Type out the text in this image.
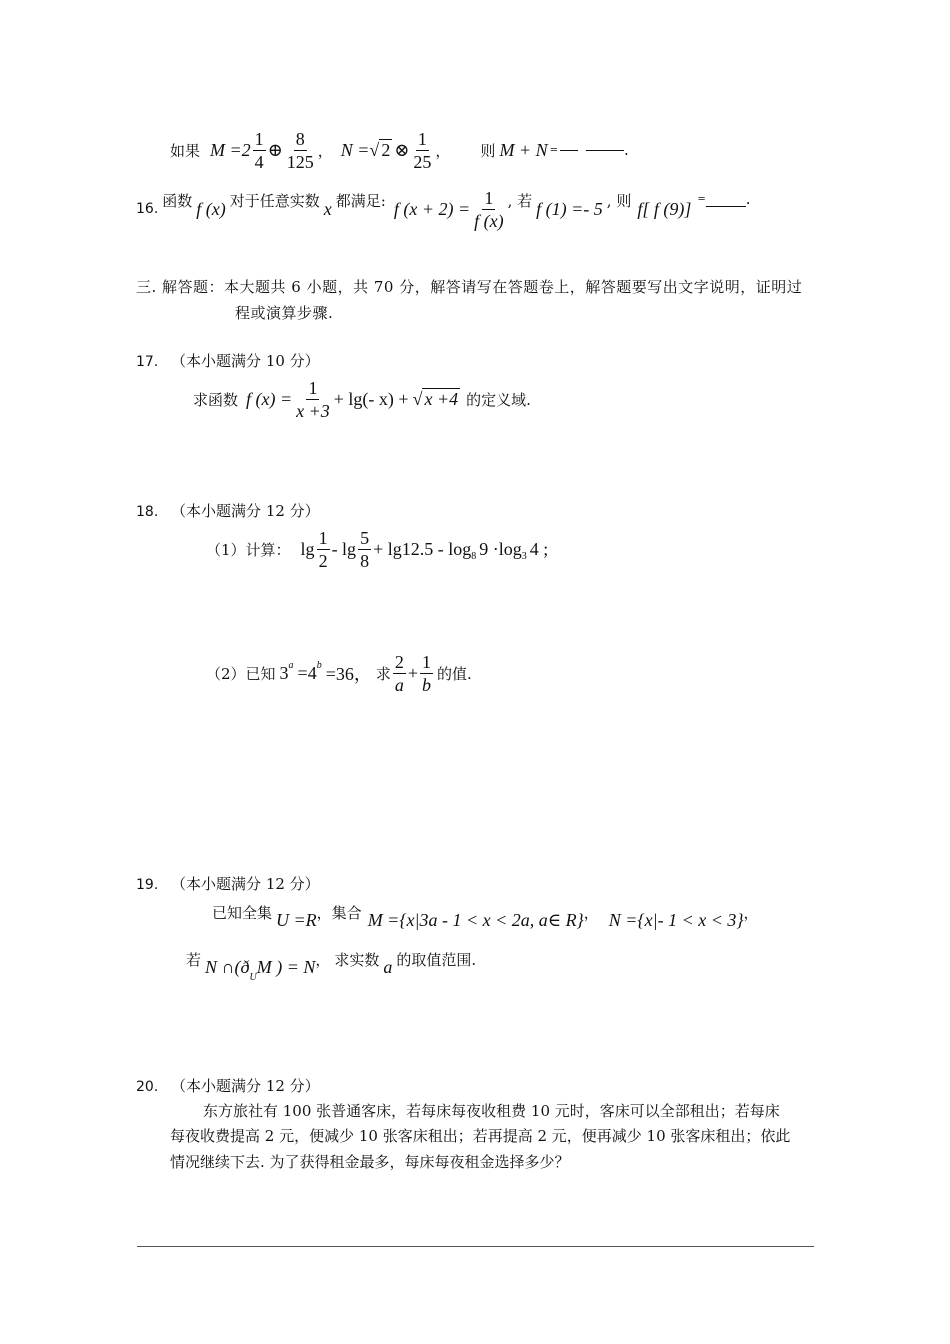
如果 $M =2 \frac{1}{4}$ ⊕ $\frac{8}{125}$ ， N = √ 2 ⊗ $\frac{1}{25}$ ， 则 M + N =	.
16. 函数 f (x) 对于任意实数 x 都满足: f $(x + 2) = \frac{1}{f (x)}$ , 若 f (1) =- 5 , 则 f[ f (9)] =	.
三. 解答题：本大题共 6 小题，共 70 分，解答请写在答题卷上，解答题要写出文字说明，证明过
程或演算步骤.
17. （本小题满分 10 分）
求函数 f $(x) = \frac{1}{x +3} + \lg(-$ x) + √ x +4 的定义域.
18. （本小题满分 12 分）
（1）计算： $\lg \frac{1}{2} - \lg \frac{5}{8} + \lg 12.5 - \log_8 9 \cdot\log_3$ 4 ;
（2）已知 $3^a =4^b =36$， 求 $\frac{2}{a} + \frac{1}{b}$ 的值.
19. （本小题满分 12 分）
已知全集 U =R ， 集合 M ={x|3a - 1 < x < 2a, a∈ R} ， N ={x|- 1 < x < 3} ，
若 N ∩(ð
$_U$
M ) = N ， 求实数 a 的取值范围.
20. （本小题满分 12 分）
东方旅社有 100 张普通客床，若每床每夜收租费 10 元时，客床可以全部租出；若每床
每夜收费提高 2 元，便减少 10 张客床租出；若再提高 2 元，便再减少 10 张客床租出；依此
情况继续下去. 为了获得租金最多，每床每夜租金选择多少？
